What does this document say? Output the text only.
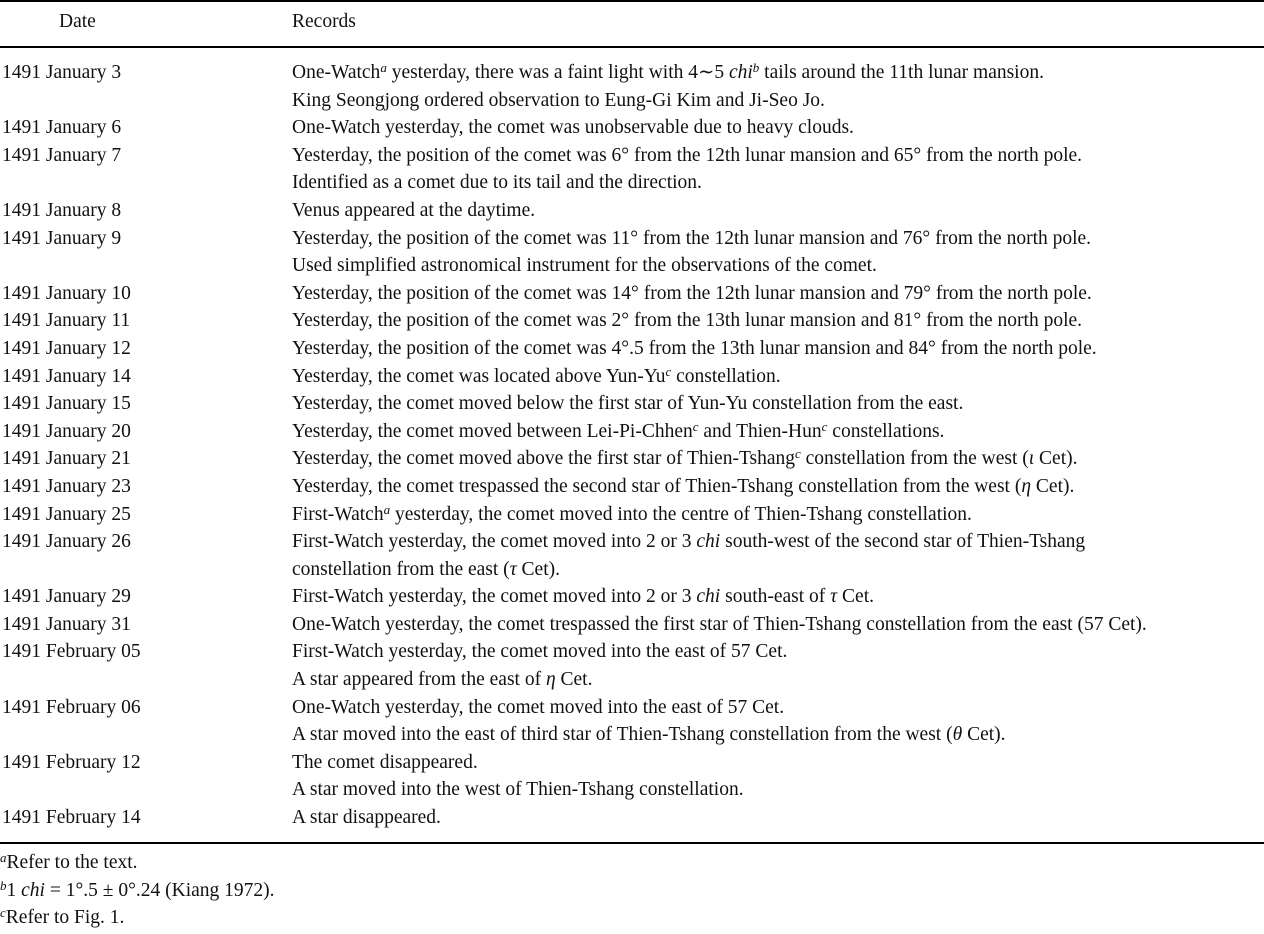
Date	Records
1491 January 3	One-Watch$^a$ yesterday, there was a faint light with 4∼5 chi$^b$ tails around the 11th lunar mansion.
King Seongjong ordered observation to Eung-Gi Kim and Ji-Seo Jo.
1491 January 6	One-Watch yesterday, the comet was unobservable due to heavy clouds.
1491 January 7	Yesterday, the position of the comet was 6° from the 12th lunar mansion and 65° from the north pole.
Identified as a comet due to its tail and the direction.
1491 January 8	Venus appeared at the daytime.
1491 January 9	Yesterday, the position of the comet was 11° from the 12th lunar mansion and 76° from the north pole.
Used simplified astronomical instrument for the observations of the comet.
1491 January 10	Yesterday, the position of the comet was 14° from the 12th lunar mansion and 79° from the north pole.
1491 January 11	Yesterday, the position of the comet was 2° from the 13th lunar mansion and 81° from the north pole.
1491 January 12	Yesterday, the position of the comet was 4°.5 from the 13th lunar mansion and 84° from the north pole.
1491 January 14	Yesterday, the comet was located above Yun-Yu$^c$ constellation.
1491 January 15	Yesterday, the comet moved below the first star of Yun-Yu constellation from the east.
1491 January 20	Yesterday, the comet moved between Lei-Pi-Chhen$^c$ and Thien-Hun$^c$ constellations.
1491 January 21	Yesterday, the comet moved above the first star of Thien-Tshang$^c$ constellation from the west (ι Cet).
1491 January 23	Yesterday, the comet trespassed the second star of Thien-Tshang constellation from the west (η Cet).
1491 January 25	First-Watch$^a$ yesterday, the comet moved into the centre of Thien-Tshang constellation.
1491 January 26	First-Watch yesterday, the comet moved into 2 or 3 chi south-west of the second star of Thien-Tshang
constellation from the east (τ Cet).
1491 January 29	First-Watch yesterday, the comet moved into 2 or 3 chi south-east of τ Cet.
1491 January 31	One-Watch yesterday, the comet trespassed the first star of Thien-Tshang constellation from the east (57 Cet).
1491 February 05	First-Watch yesterday, the comet moved into the east of 57 Cet.
A star appeared from the east of η Cet.
1491 February 06	One-Watch yesterday, the comet moved into the east of 57 Cet.
A star moved into the east of third star of Thien-Tshang constellation from the west (θ Cet).
1491 February 12	The comet disappeared.
A star moved into the west of Thien-Tshang constellation.
1491 February 14	A star disappeared.
$^a$Refer to the text.
$^b$1 chi = 1°.5 ± 0°.24 (Kiang 1972).
$^c$Refer to Fig. 1.
